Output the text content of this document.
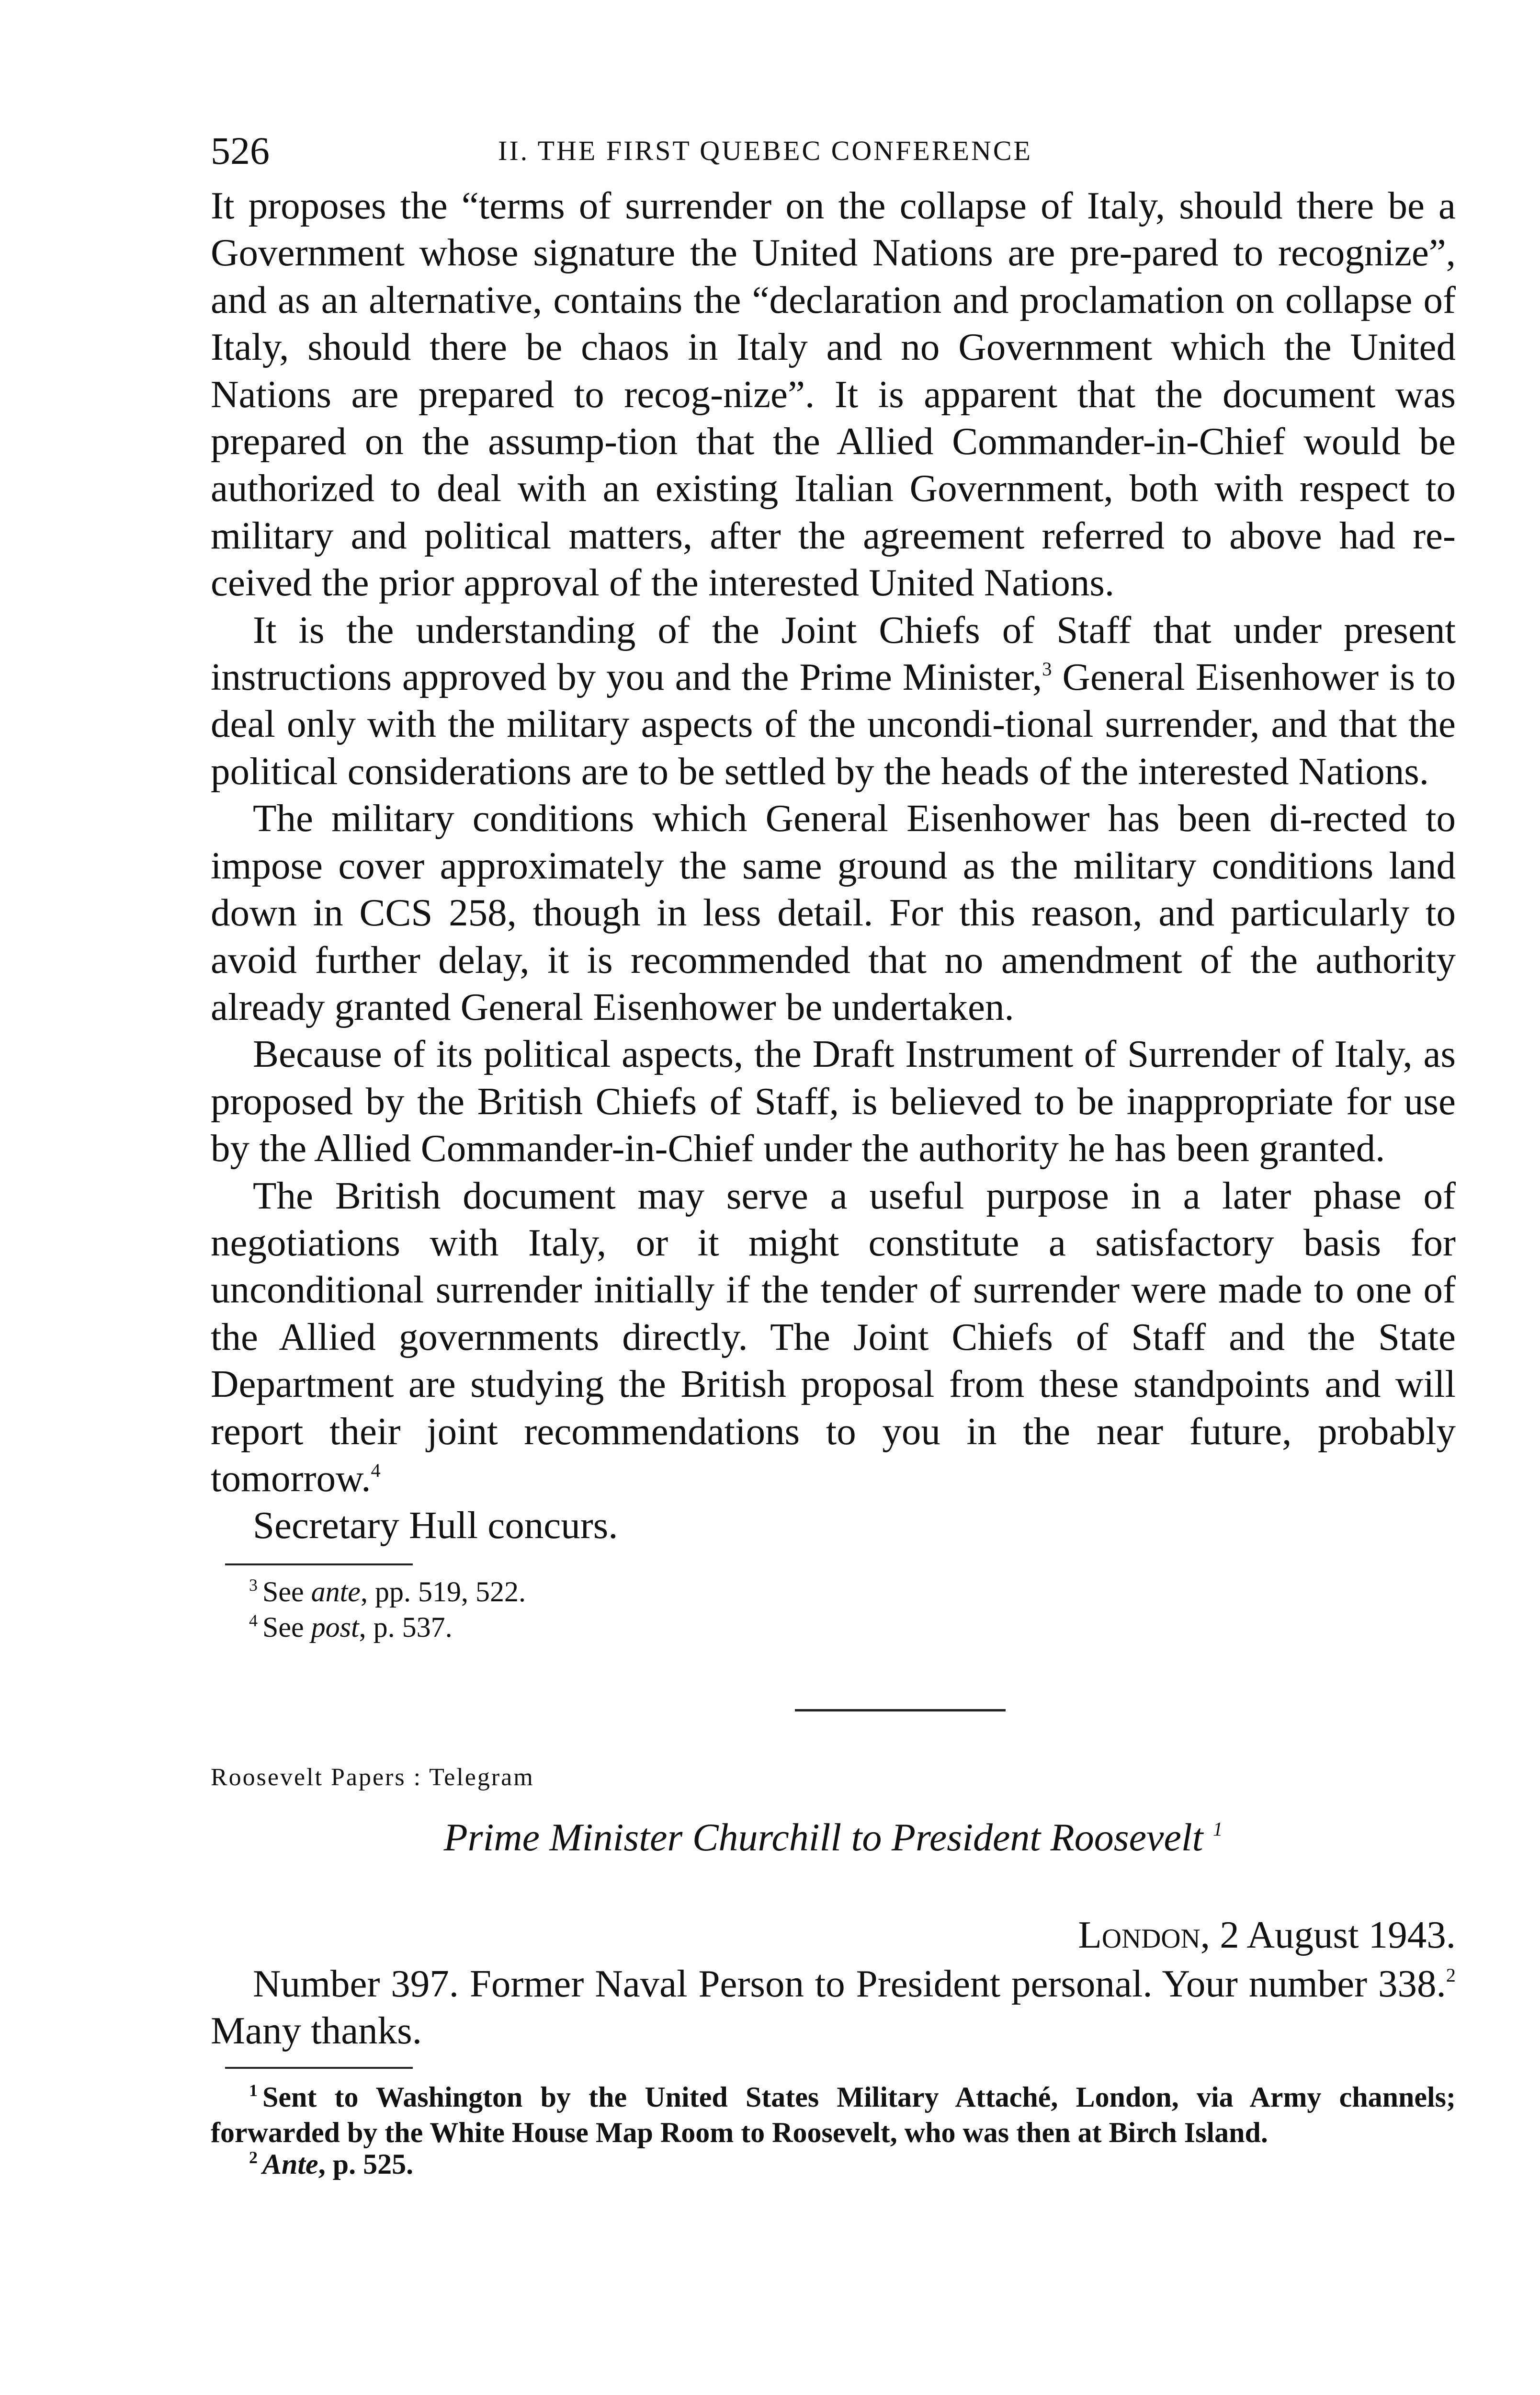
526	II. THE FIRST QUEBEC CONFERENCE

It proposes the “terms of surrender on the collapse of Italy, should there be a Government whose signature the United Nations are pre-pared to recognize”, and as an alternative, contains the “declaration and proclamation on collapse of Italy, should there be chaos in Italy and no Government which the United Nations are prepared to recog-nize”. It is apparent that the document was prepared on the assump-tion that the Allied Commander-in-Chief would be authorized to deal with an existing Italian Government, both with respect to military and political matters, after the agreement referred to above had re-ceived the prior approval of the interested United Nations.

It is the understanding of the Joint Chiefs of Staff that under present instructions approved by you and the Prime Minister,$^3$ General Eisenhower is to deal only with the military aspects of the uncondi-tional surrender, and that the political considerations are to be settled by the heads of the interested Nations.

The military conditions which General Eisenhower has been di-rected to impose cover approximately the same ground as the military conditions land down in CCS 258, though in less detail. For this reason, and particularly to avoid further delay, it is recommended that no amendment of the authority already granted General Eisenhower be undertaken.

Because of its political aspects, the Draft Instrument of Surrender of Italy, as proposed by the British Chiefs of Staff, is believed to be inappropriate for use by the Allied Commander-in-Chief under the authority he has been granted.

The British document may serve a useful purpose in a later phase of negotiations with Italy, or it might constitute a satisfactory basis for unconditional surrender initially if the tender of surrender were made to one of the Allied governments directly. The Joint Chiefs of Staff and the State Department are studying the British proposal from these standpoints and will report their joint recommendations to you in the near future, probably tomorrow.$^4$

Secretary Hull concurs.

$^3$ See ante, pp. 519, 522.
$^4$ See post, p. 537.
Roosevelt Papers : Telegram
Prime Minister Churchill to President Roosevelt $^1$
London, 2 August 1943.

Number 397. Former Naval Person to President personal. Your number 338.$^2$ Many thanks.

$^1$ Sent to Washington by the United States Military Attaché, London, via Army channels; forwarded by the White House Map Room to Roosevelt, who was then at Birch Island.
$^2$ Ante, p. 525.
